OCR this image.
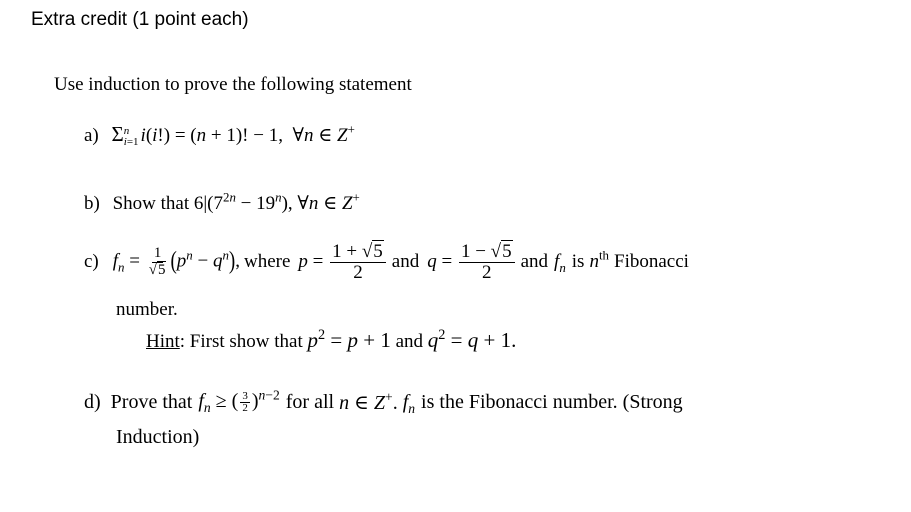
Extra credit (1 point each)
Use induction to prove the following statement
a) Σ n
i=1 i(i!) = (n + 1)! − 1,  ∀n ∈ Z+
b) Show that $6|(7^{2n} - 19^n)$, ∀n ∈ Z+
c) $f_n = \frac{1}{√5} (p^n - q^n)$, where $p = \frac{1 + √5}{2}$ and $q = \frac{1 - √5}{2}$ and $f_n$ is $n^{th}$ Fibonacci
number.
Hint: First show that $p^2 = p + 1$ and $q^2 = q + 1$.
d) Prove that $f_n$ ≥ ( $\frac{3}{2} )^{n-2}$ for all n ∈ Z+. $f_n$ is the Fibonacci number. (Strong
Induction)
